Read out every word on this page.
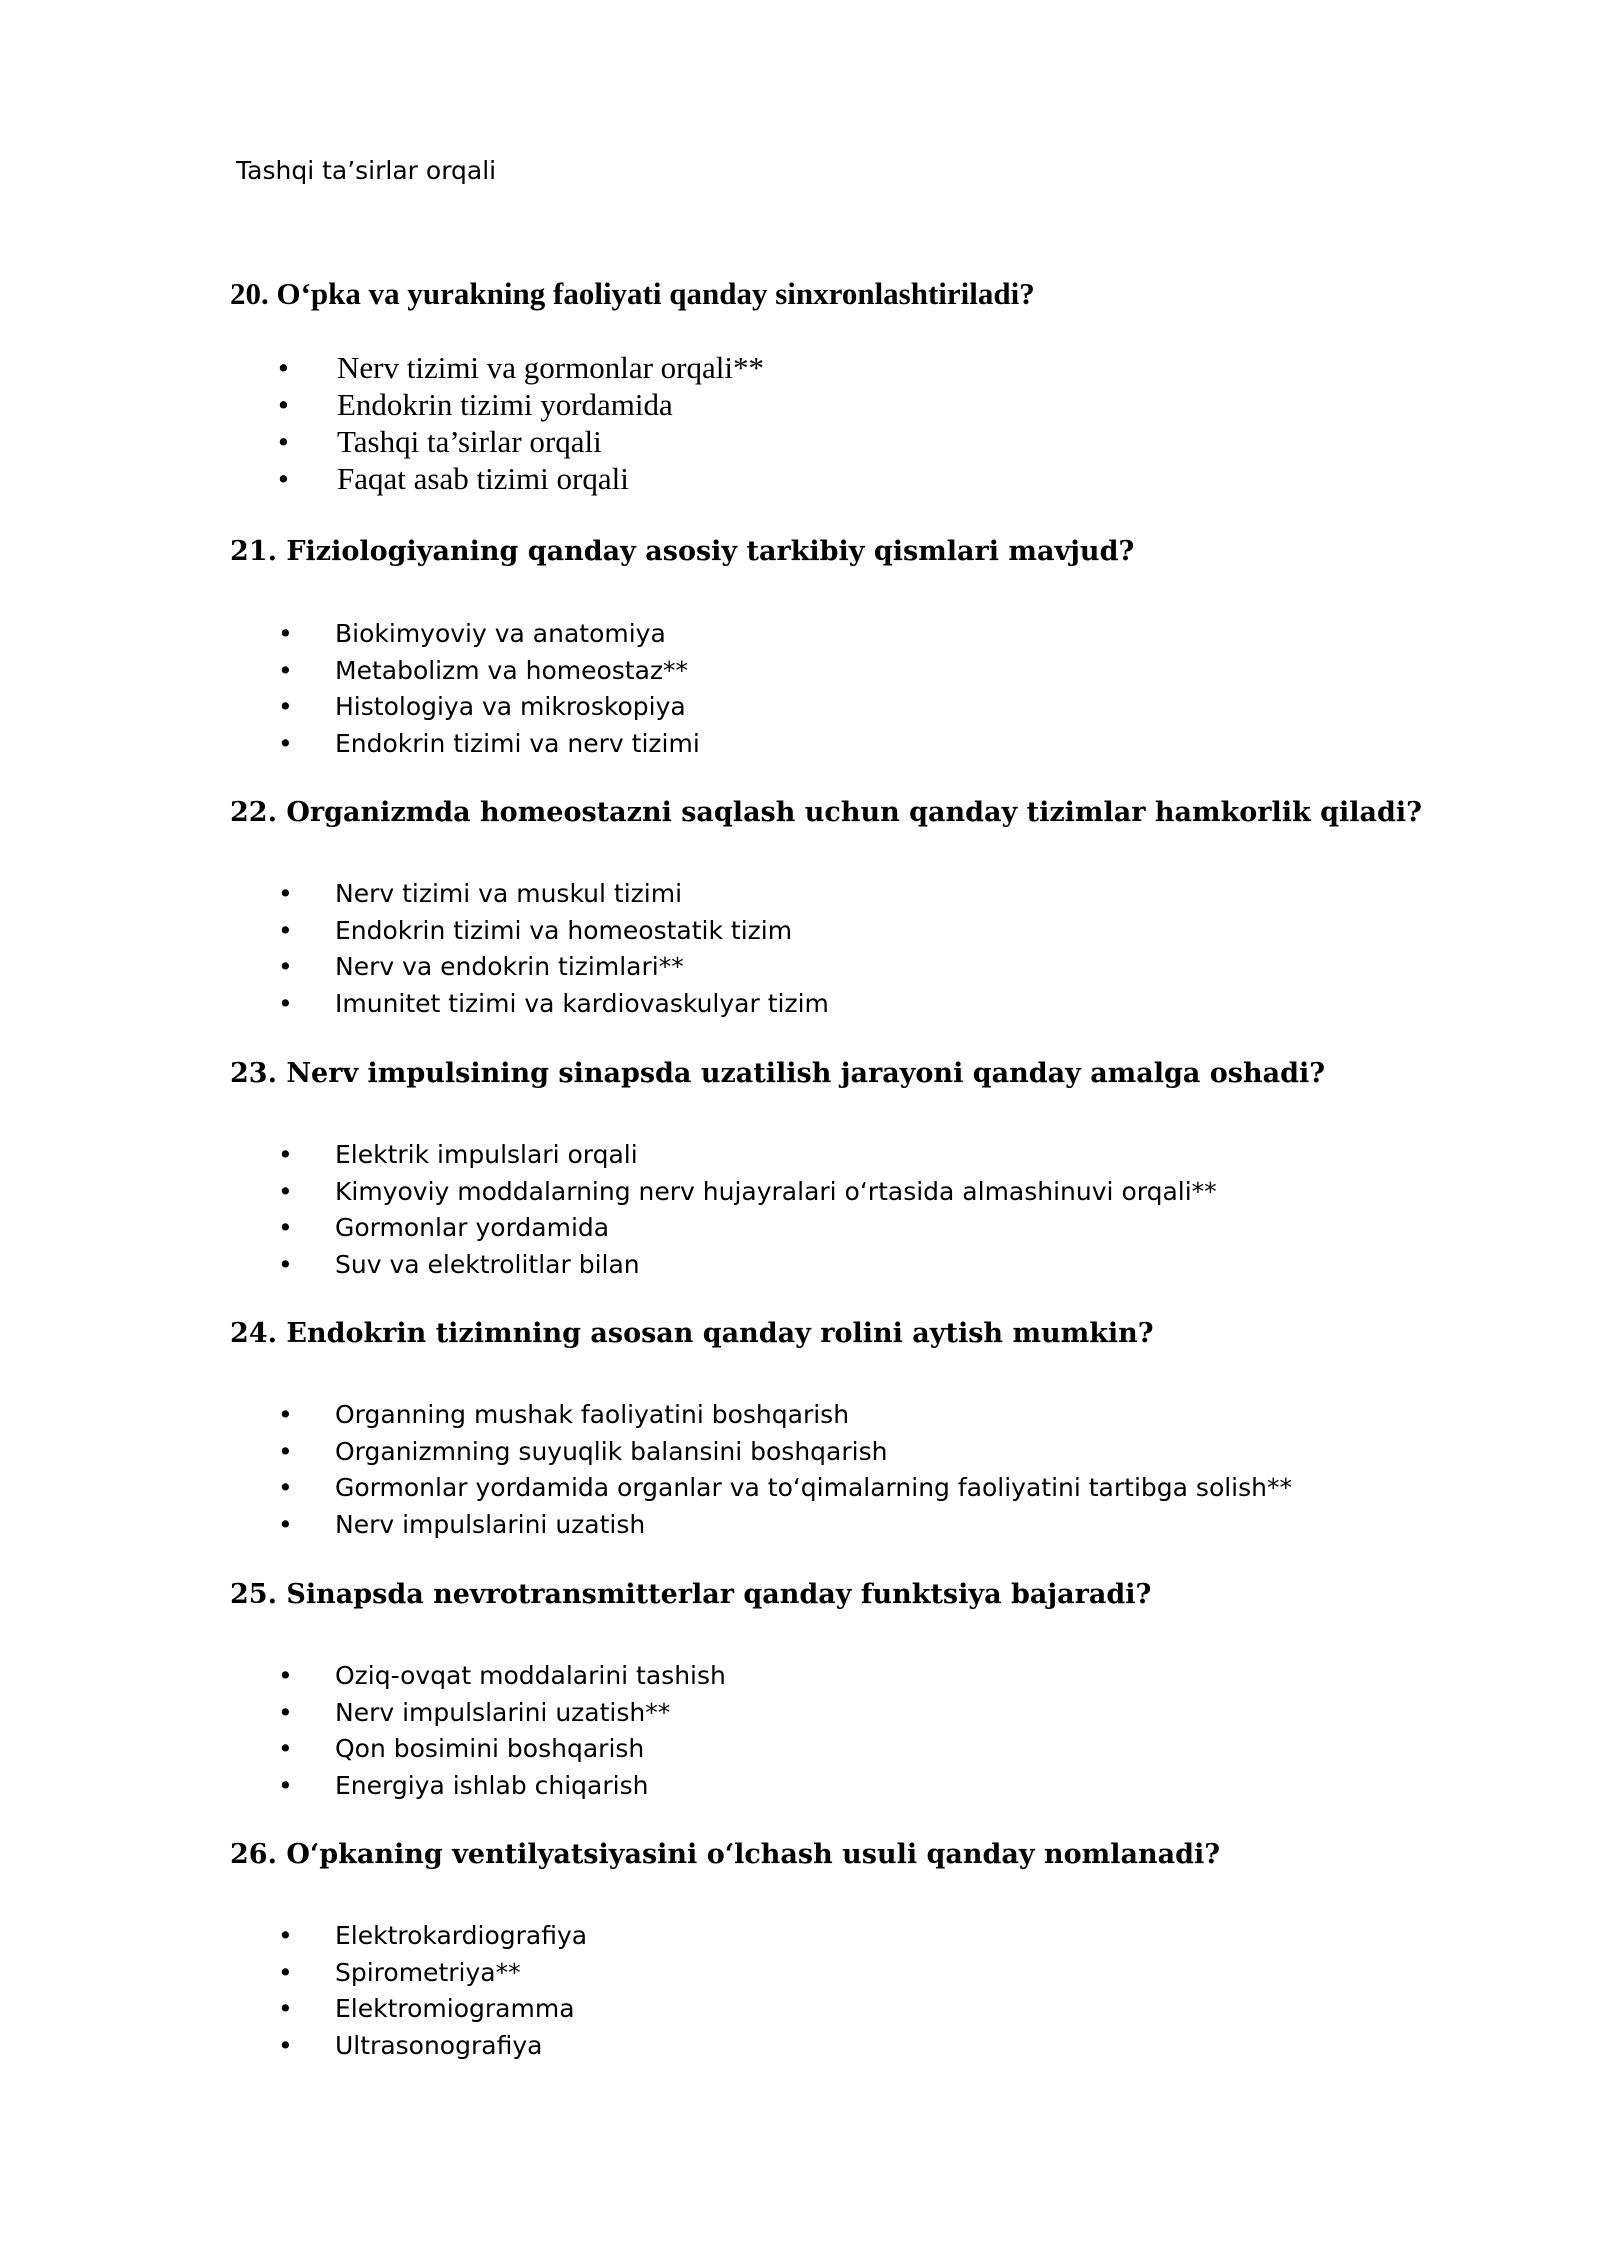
Tashqi ta’sirlar orqali
20. O‘pka va yurakning faoliyati qanday sinxronlashtiriladi?
• Nerv tizimi va gormonlar orqali**
• Endokrin tizimi yordamida
• Tashqi ta’sirlar orqali
• Faqat asab tizimi orqali
21. Fiziologiyaning qanday asosiy tarkibiy qismlari mavjud?
• Biokimyoviy va anatomiya
• Metabolizm va homeostaz**
• Histologiya va mikroskopiya
• Endokrin tizimi va nerv tizimi
22. Organizmda homeostazni saqlash uchun qanday tizimlar hamkorlik qiladi?
• Nerv tizimi va muskul tizimi
• Endokrin tizimi va homeostatik tizim
• Nerv va endokrin tizimlari**
• Imunitet tizimi va kardiovaskulyar tizim
23. Nerv impulsining sinapsda uzatilish jarayoni qanday amalga oshadi?
• Elektrik impulslari orqali
• Kimyoviy moddalarning nerv hujayralari o‘rtasida almashinuvi orqali**
• Gormonlar yordamida
• Suv va elektrolitlar bilan
24. Endokrin tizimning asosan qanday rolini aytish mumkin?
• Organning mushak faoliyatini boshqarish
• Organizmning suyuqlik balansini boshqarish
• Gormonlar yordamida organlar va to‘qimalarning faoliyatini tartibga solish**
• Nerv impulslarini uzatish
25. Sinapsda nevrotransmitterlar qanday funktsiya bajaradi?
• Oziq-ovqat moddalarini tashish
• Nerv impulslarini uzatish**
• Qon bosimini boshqarish
• Energiya ishlab chiqarish
26. O‘pkaning ventilyatsiyasini o‘lchash usuli qanday nomlanadi?
• Elektrokardiografiya
• Spirometriya**
• Elektromiogramma
• Ultrasonografiya
